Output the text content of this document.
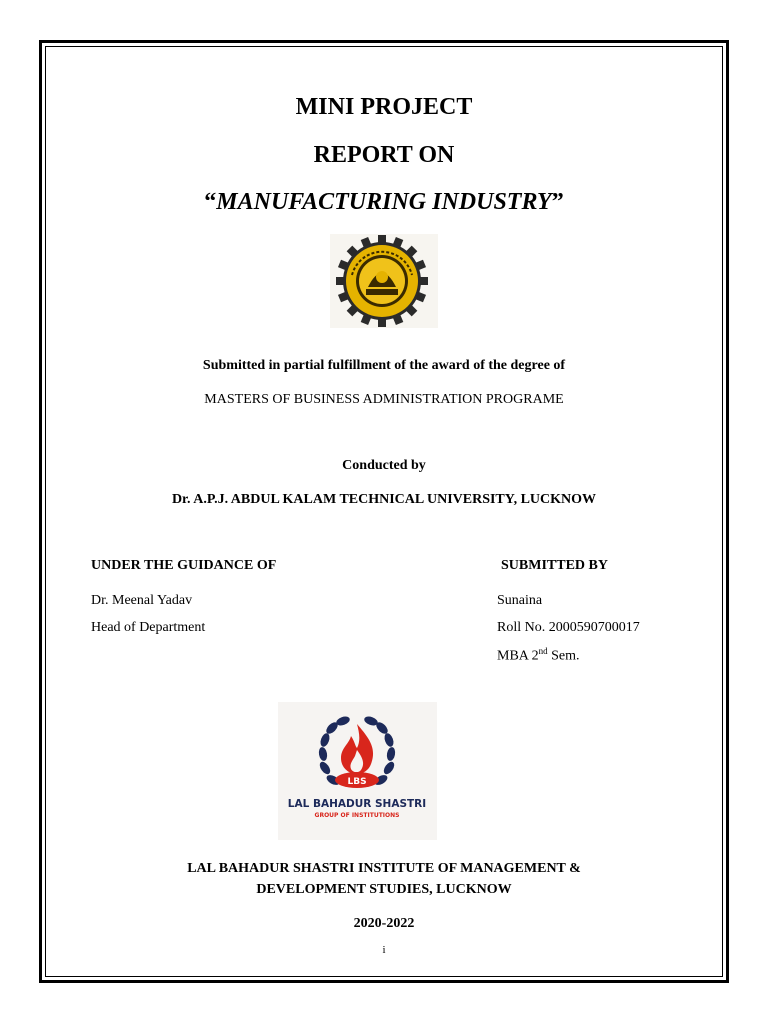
MINI PROJECT
REPORT ON
“MANUFACTURING INDUSTRY”
Submitted in partial fulfillment of the award of the degree of
MASTERS OF BUSINESS ADMINISTRATION PROGRAME
Conducted by
Dr. A.P.J. ABDUL KALAM TECHNICAL UNIVERSITY, LUCKNOW
UNDER THE GUIDANCE OF
Dr. Meenal Yadav
Head of Department
SUBMITTED BY
Sunaina
Roll No. 2000590700017
MBA 2nd Sem.
LBS
LAL BAHADUR SHASTRI
GROUP OF INSTITUTIONS
LAL BAHADUR SHASTRI INSTITUTE OF MANAGEMENT &
DEVELOPMENT STUDIES, LUCKNOW
2020-2022
i
